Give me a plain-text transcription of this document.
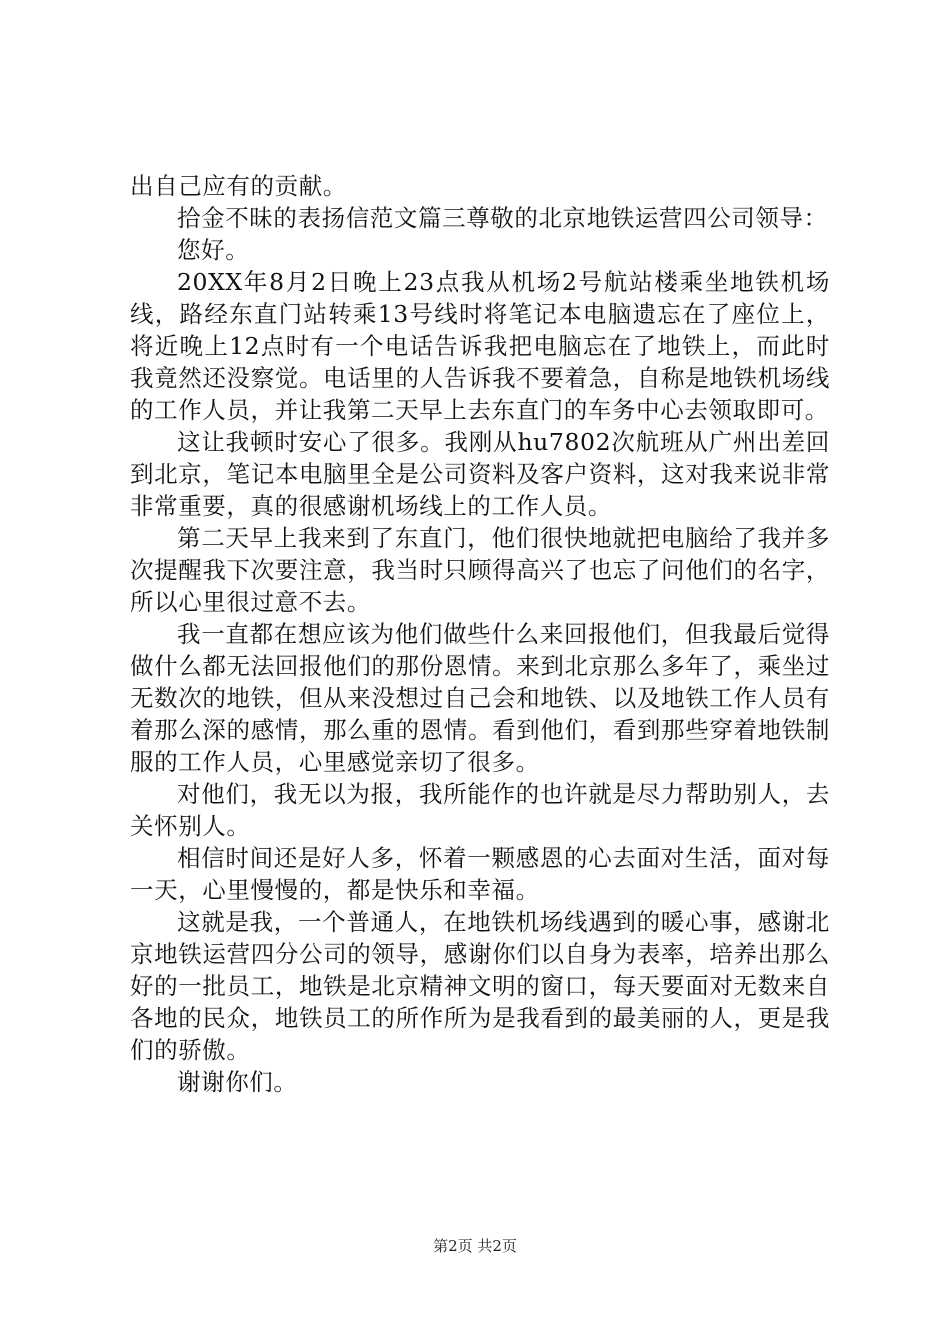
出自己应有的贡献。

拾金不昧的表扬信范文篇三尊敬的北京地铁运营四公司领导：

您好。

20XX年8月2日晚上23点我从机场2号航站楼乘坐地铁机场线，路经东直门站转乘13号线时将笔记本电脑遗忘在了座位上，将近晚上12点时有一个电话告诉我把电脑忘在了地铁上，而此时我竟然还没察觉。电话里的人告诉我不要着急，自称是地铁机场线的工作人员，并让我第二天早上去东直门的车务中心去领取即可。

这让我顿时安心了很多。我刚从hu7802次航班从广州出差回到北京，笔记本电脑里全是公司资料及客户资料，这对我来说非常非常重要，真的很感谢机场线上的工作人员。

第二天早上我来到了东直门，他们很快地就把电脑给了我并多次提醒我下次要注意，我当时只顾得高兴了也忘了问他们的名字，所以心里很过意不去。

我一直都在想应该为他们做些什么来回报他们，但我最后觉得做什么都无法回报他们的那份恩情。来到北京那么多年了，乘坐过无数次的地铁，但从来没想过自己会和地铁、以及地铁工作人员有着那么深的感情，那么重的恩情。看到他们，看到那些穿着地铁制服的工作人员，心里感觉亲切了很多。

对他们，我无以为报，我所能作的也许就是尽力帮助别人，去关怀别人。

相信时间还是好人多，怀着一颗感恩的心去面对生活，面对每一天，心里慢慢的，都是快乐和幸福。

这就是我，一个普通人，在地铁机场线遇到的暖心事，感谢北京地铁运营四分公司的领导，感谢你们以自身为表率，培养出那么好的一批员工，地铁是北京精神文明的窗口，每天要面对无数来自各地的民众，地铁员工的所作所为是我看到的最美丽的人，更是我们的骄傲。

谢谢你们。

第2页 共2页
